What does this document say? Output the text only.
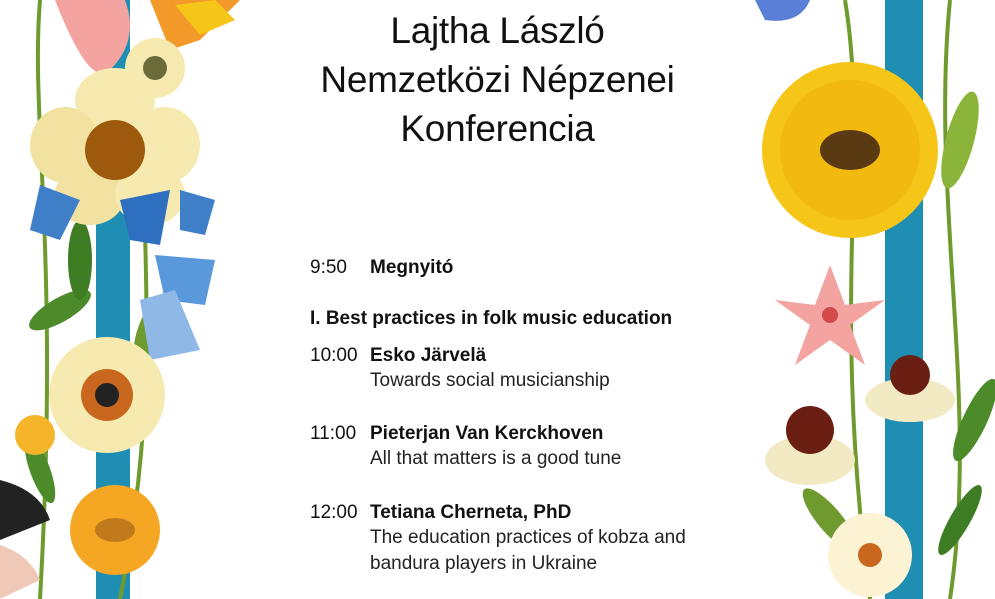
Lajtha László
Nemzetközi Népzenei
Konferencia
9:50 Megnyitó
I. Best practices in folk music education
10:00 Esko Järvelä
Towards social musicianship
11:00 Pieterjan Van Kerckhoven
All that matters is a good tune
12:00 Tetiana Cherneta, PhD
The education practices of kobza and
bandura players in Ukraine
